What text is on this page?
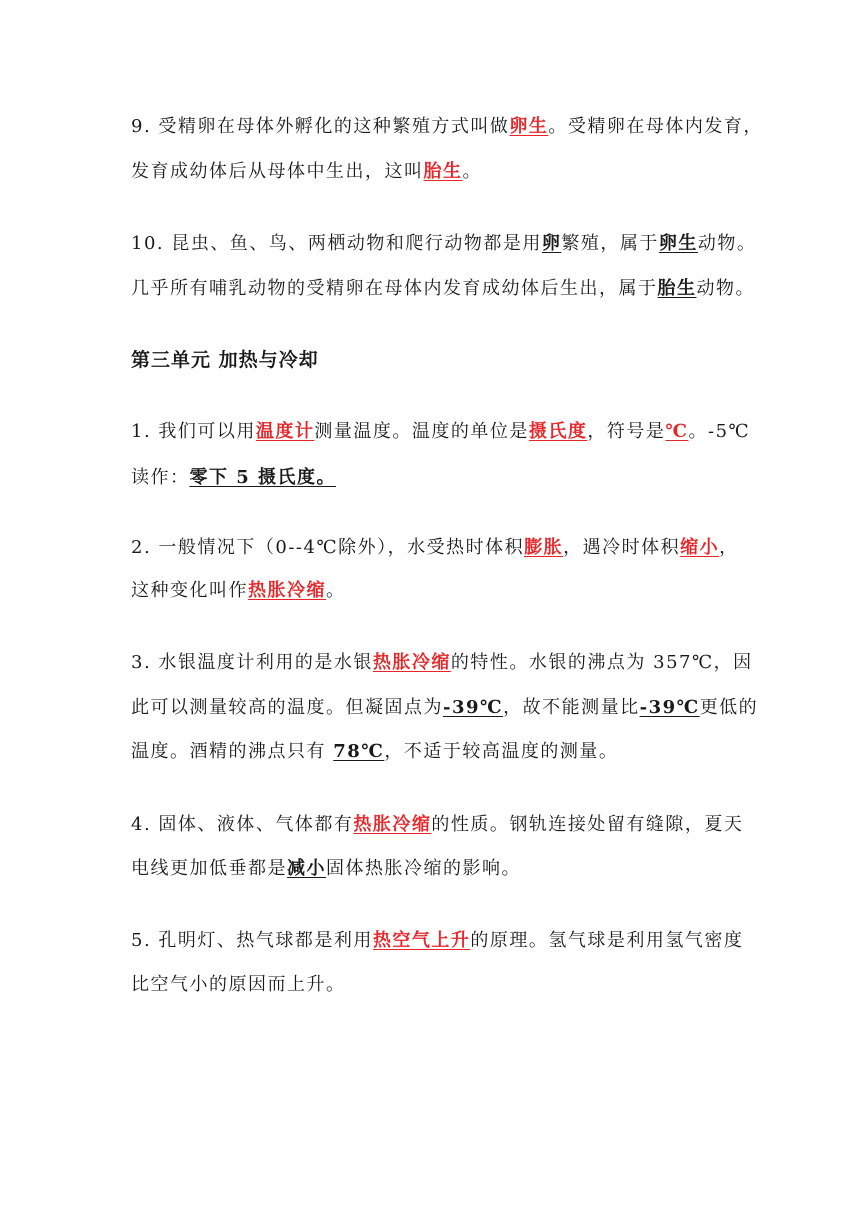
9. 受精卵在母体外孵化的这种繁殖方式叫做卵生。受精卵在母体内发育，
发育成幼体后从母体中生出，这叫胎生。
10. 昆虫、鱼、鸟、两栖动物和爬行动物都是用卵繁殖，属于卵生动物。
几乎所有哺乳动物的受精卵在母体内发育成幼体后生出，属于胎生动物。
第三单元 加热与冷却
1. 我们可以用温度计测量温度。温度的单位是摄氏度，符号是℃。-5℃
读作：零下 5 摄氏度。
2. 一般情况下（0--4℃除外），水受热时体积膨胀，遇冷时体积缩小，
这种变化叫作热胀冷缩。
3. 水银温度计利用的是水银热胀冷缩的特性。水银的沸点为 357℃，因
此可以测量较高的温度。但凝固点为-39℃，故不能测量比-39℃更低的
温度。酒精的沸点只有 78℃，不适于较高温度的测量。
4. 固体、液体、气体都有热胀冷缩的性质。钢轨连接处留有缝隙，夏天
电线更加低垂都是减小固体热胀冷缩的影响。
5. 孔明灯、热气球都是利用热空气上升的原理。氢气球是利用氢气密度
比空气小的原因而上升。
